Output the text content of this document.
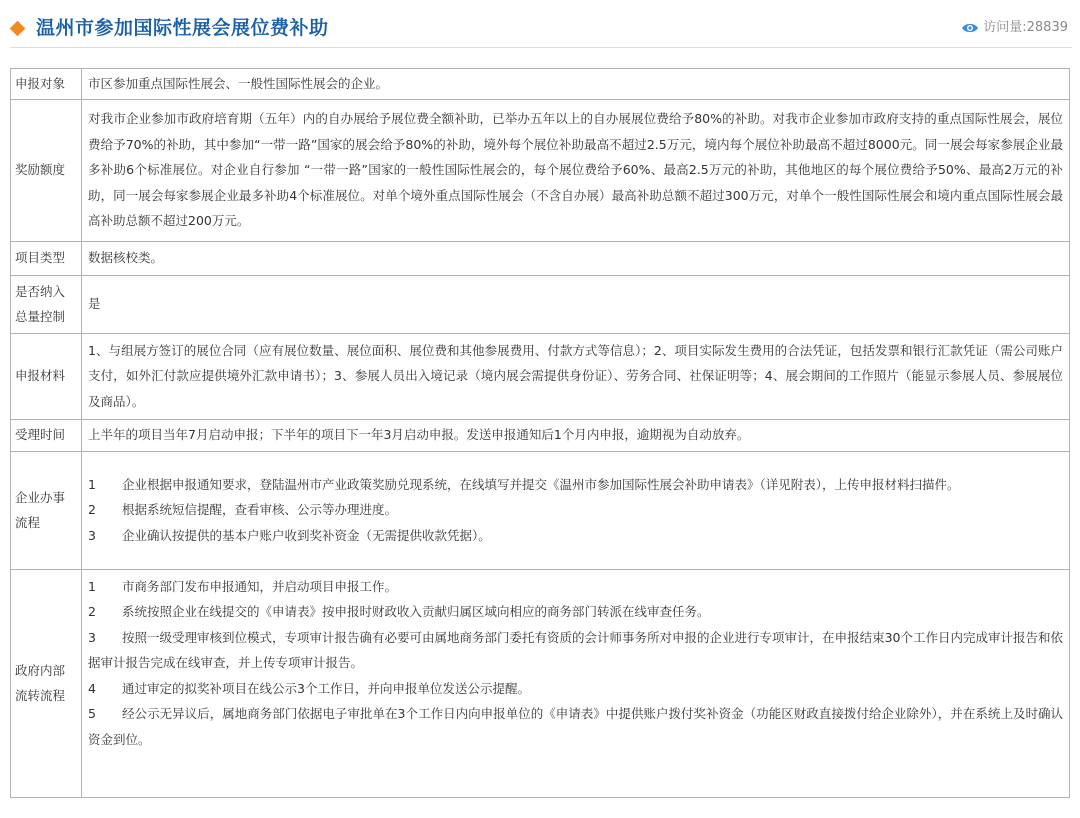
温州市参加国际性展会展位费补助	访问量:28839
申报对象	市区参加重点国际性展会、一般性国际性展会的企业。
奖励额度	对我市企业参加市政府培育期（五年）内的自办展给予展位费全额补助，已举办五年以上的自办展展位费给予80%的补助。对我市企业参加市政府支持的重点国际性展会，展位费给予70%的补助，其中参加“一带一路”国家的展会给予80%的补助，境外每个展位补助最高不超过2.5万元，境内每个展位补助最高不超过8000元。同一展会每家参展企业最多补助6个标准展位。对企业自行参加 “一带一路”国家的一般性国际性展会的，每个展位费给予60%、最高2.5万元的补助，其他地区的每个展位费给予50%、最高2万元的补助，同一展会每家参展企业最多补助4个标准展位。对单个境外重点国际性展会（不含自办展）最高补助总额不超过300万元，对单个一般性国际性展会和境内重点国际性展会最高补助总额不超过200万元。
项目类型	数据核校类。
是否纳入总量控制	是
申报材料	1、与组展方签订的展位合同（应有展位数量、展位面积、展位费和其他参展费用、付款方式等信息）；2、项目实际发生费用的合法凭证，包括发票和银行汇款凭证（需公司账户支付，如外汇付款应提供境外汇款申请书）；3、参展人员出入境记录（境内展会需提供身份证）、劳务合同、社保证明等；4、展会期间的工作照片（能显示参展人员、参展展位及商品）。
受理时间	上半年的项目当年7月启动申报；下半年的项目下一年3月启动申报。发送申报通知后1个月内申报，逾期视为自动放弃。
企业办事流程	1 企业根据申报通知要求，登陆温州市产业政策奖励兑现系统，在线填写并提交《温州市参加国际性展会补助申请表》（详见附表），上传申报材料扫描件。
2 根据系统短信提醒，查看审核、公示等办理进度。
3 企业确认按提供的基本户账户收到奖补资金（无需提供收款凭据）。

政府内部流转流程	1 市商务部门发布申报通知，并启动项目申报工作。
2 系统按照企业在线提交的《申请表》按申报时财政收入贡献归属区域向相应的商务部门转派在线审查任务。
3 按照一级受理审核到位模式，专项审计报告确有必要可由属地商务部门委托有资质的会计师事务所对申报的企业进行专项审计，在申报结束30个工作日内完成审计报告和依据审计报告完成在线审查，并上传专项审计报告。
4 通过审定的拟奖补项目在线公示3个工作日，并向申报单位发送公示提醒。
5 经公示无异议后，属地商务部门依据电子审批单在3个工作日内向申报单位的《申请表》中提供账户拨付奖补资金（功能区财政直接拨付给企业除外），并在系统上及时确认资金到位。
